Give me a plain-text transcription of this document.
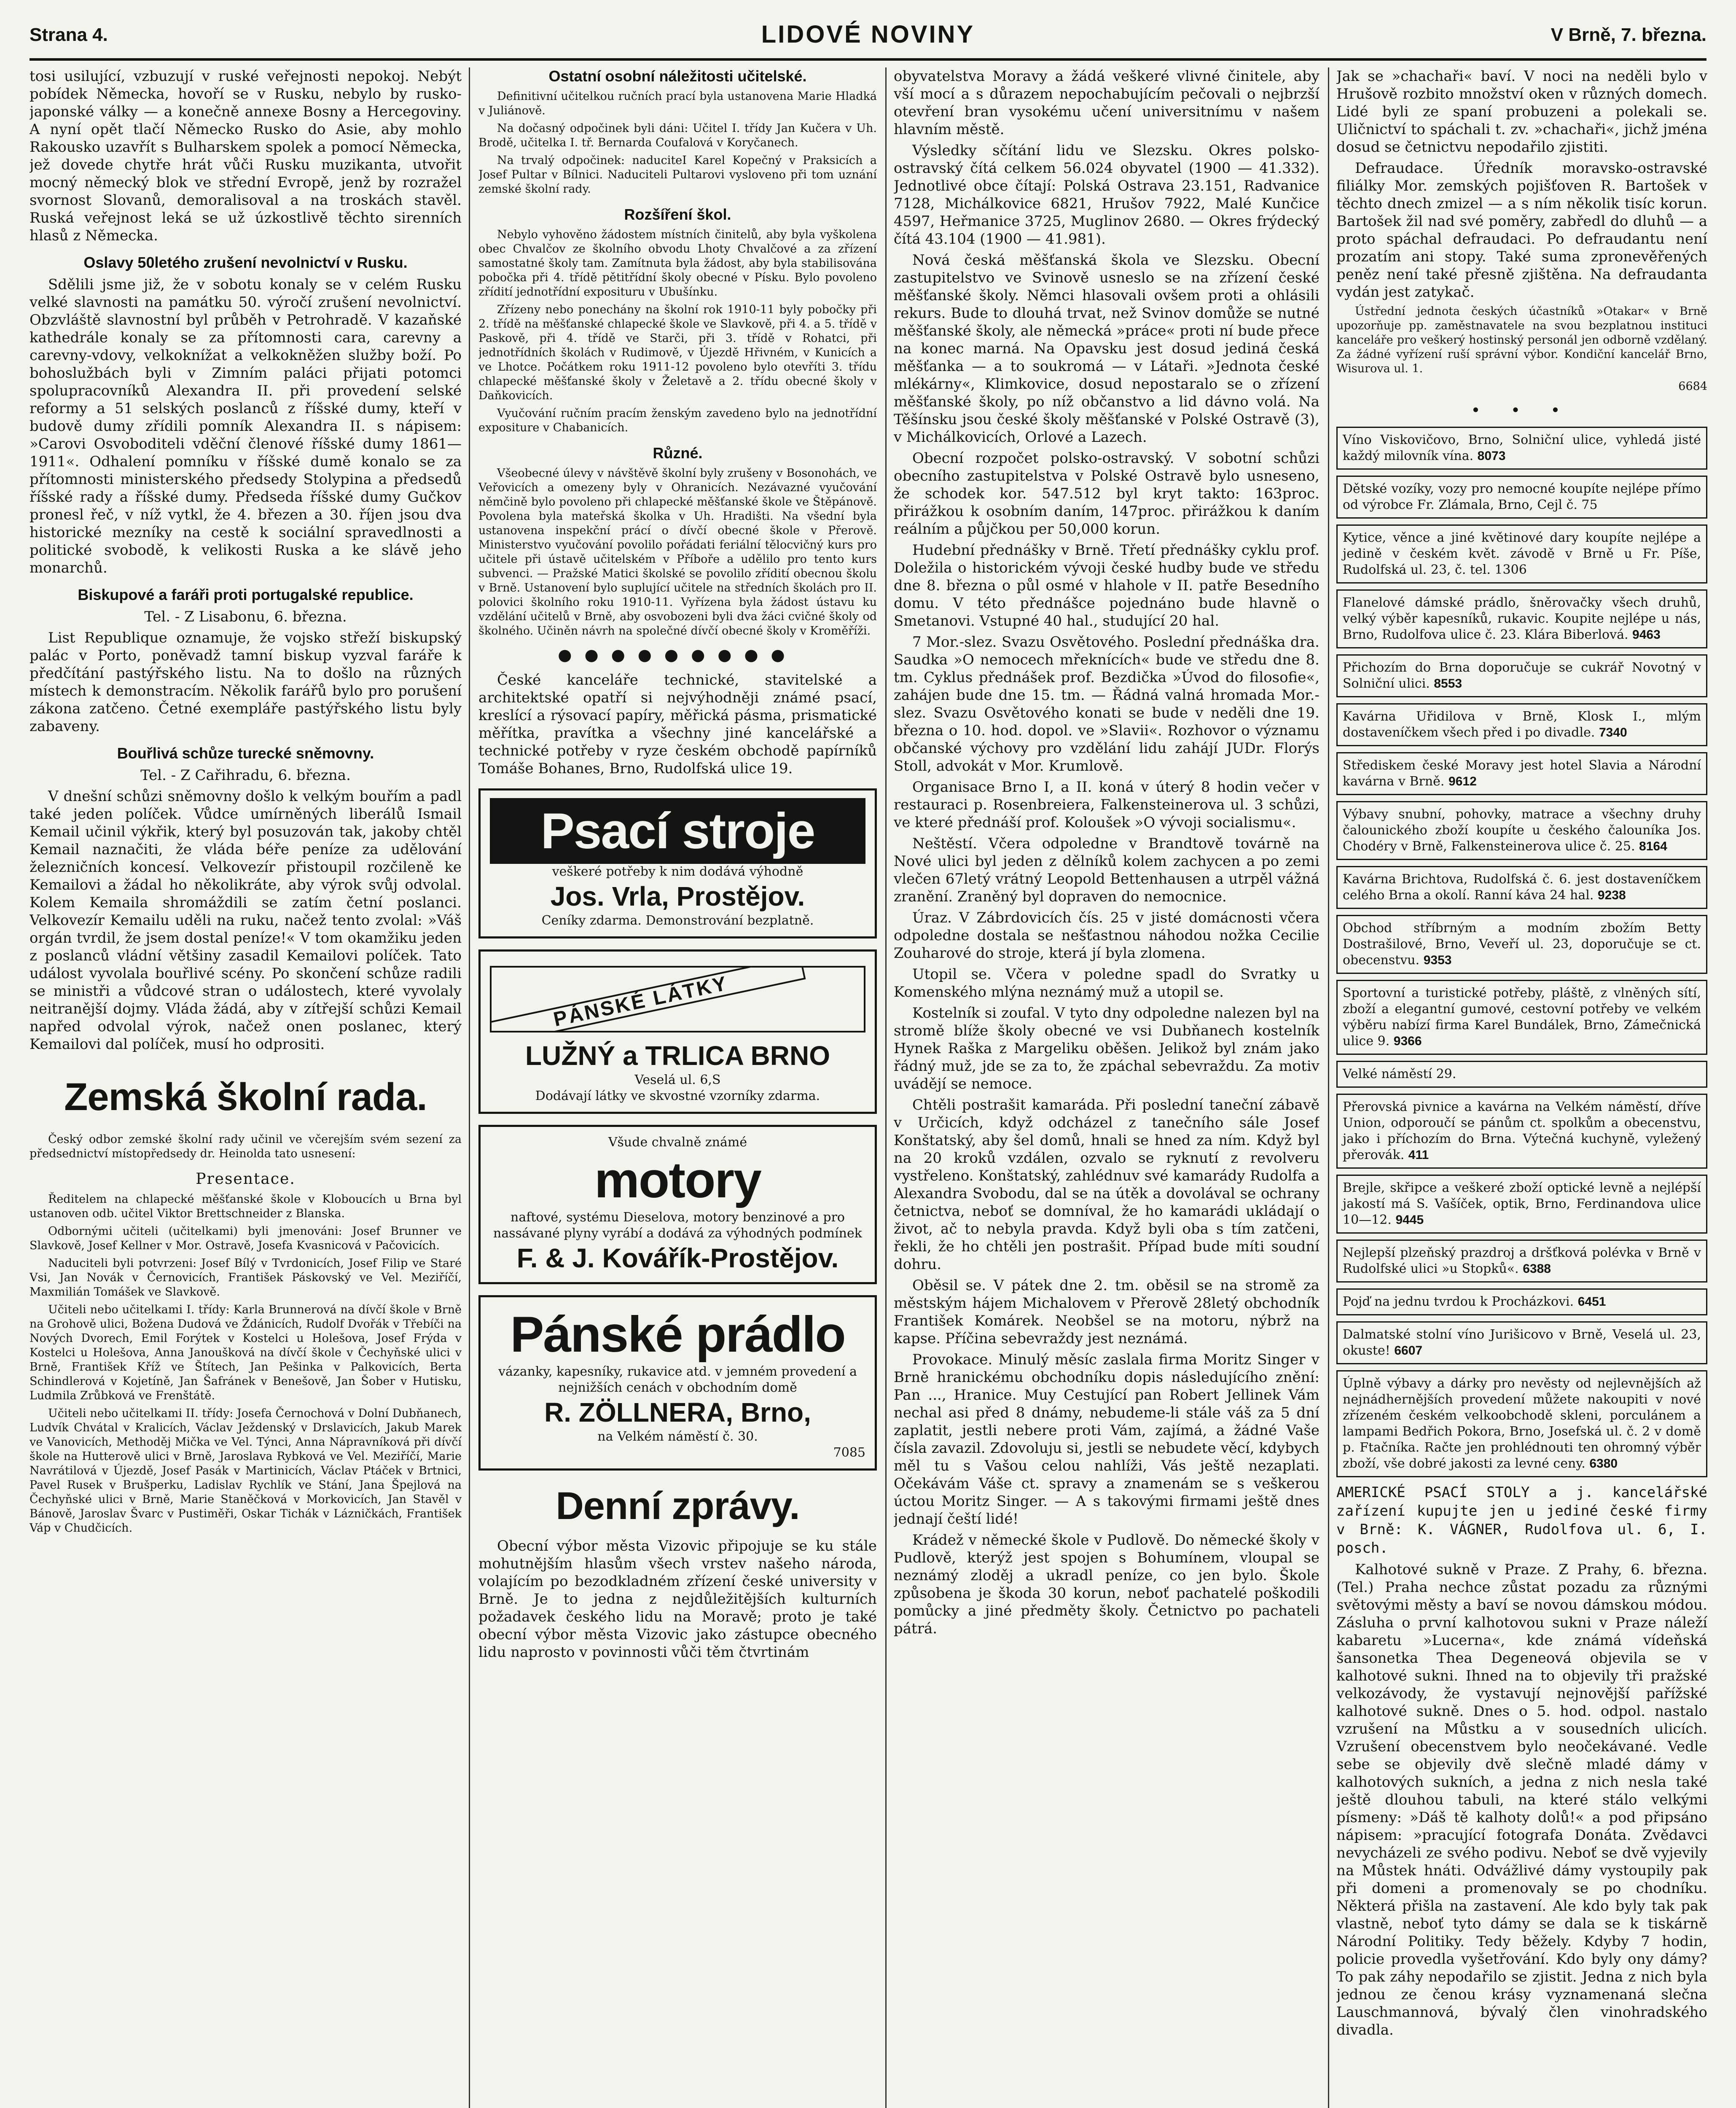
Strana 4.	LIDOVÉ NOVINY	V Brně, 7. března.

tosi usilující, vzbuzují v ruské veřejnosti nepokoj. Nebýt pobídek Německa, hovoří se v Rusku, nebylo by rusko-japonské války — a konečně annexe Bosny a Hercegoviny. A nyní opět tlačí Německo Rusko do Asie, aby mohlo Rakousko uzavřít s Bulharskem spolek a pomocí Německa, jež dovede chytře hrát vůči Rusku muzikanta, utvořit mocný německý blok ve střední Evropě, jenž by rozražel svornost Slovanů, demoralisoval a na troskách stavěl. Ruská veřejnost leká se už úzkostlivě těchto sirenních hlasů z Německa.

Oslavy 50letého zrušení nevolnictví v Rusku.

Sdělili jsme již, že v sobotu konaly se v celém Rusku velké slavnosti na památku 50. výročí zrušení nevolnictví. Obzvláště slavnostní byl průběh v Petrohradě. V kazaňské kathedrále konaly se za přítomnosti cara, carevny a carevny-vdovy, velkoknížat a velkokněžen služby boží. Po bohoslužbách byli v Zimním paláci přijati potomci spolupracovníků Alexandra II. při provedení selské reformy a 51 selských poslanců z říšské dumy, kteří v budově dumy zřídili pomník Alexandra II. s nápisem: »Carovi Osvoboditeli vděční členové říšské dumy 1861—1911«. Odhalení pomníku v říšské dumě konalo se za přítomnosti ministerského předsedy Stolypina a předsedů říšské rady a říšské dumy. Předseda říšské dumy Gučkov pronesl řeč, v níž vytkl, že 4. březen a 30. říjen jsou dva historické mezníky na cestě k sociální spravedlnosti a politické svobodě, k velikosti Ruska a ke slávě jeho monarchů.

Biskupové a faráři proti portugalské republice.

Tel. - Z Lisabonu, 6. března.

List Republique oznamuje, že vojsko střeží biskupský palác v Porto, poněvadž tamní biskup vyzval faráře k předčítání pastýřského listu. Na to došlo na různých místech k demonstracím. Několik farářů bylo pro porušení zákona zatčeno. Četné exempláře pastýřského listu byly zabaveny.

Bouřlivá schůze turecké sněmovny.

Tel. - Z Cařihradu, 6. března.

V dnešní schůzi sněmovny došlo k velkým bouřím a padl také jeden políček. Vůdce umírněných liberálů Ismail Kemail učinil výkřik, který byl posuzován tak, jakoby chtěl Kemail naznačiti, že vláda béře peníze za udělování železničních koncesí. Velkovezír přistoupil rozčileně ke Kemailovi a žádal ho několikráte, aby výrok svůj odvolal. Kolem Kemaila shromáždili se zatím četní poslanci. Velkovezír Kemailu uděli na ruku, načež tento zvolal: »Váš orgán tvrdil, že jsem dostal peníze!« V tom okamžiku jeden z poslanců vládní většiny zasadil Kemailovi políček. Tato událost vyvolala bouřlivé scény. Po skončení schůze radili se ministři a vůdcové stran o událostech, které vyvolaly neitranější dojmy. Vláda žádá, aby v zítřejší schůzi Kemail napřed odvolal výrok, načež onen poslanec, který Kemailovi dal políček, musí ho odprositi.

Zemská školní rada.

Český odbor zemské školní rady učinil ve včerejším svém sezení za předsednictví místopředsedy dr. Heinolda tato usnesení:

Presentace.

Ředitelem na chlapecké měšťanské škole v Kloboucích u Brna byl ustanoven odb. učitel Viktor Brettschneider z Blanska.

Odbornými učiteli (učitelkami) byli jmenováni: Josef Brunner ve Slavkově, Josef Kellner v Mor. Ostravě, Josefa Kvasnicová v Pačovicích.

Naduciteli byli potvrzeni: Josef Bílý v Tvrdonicích, Josef Filip ve Staré Vsi, Jan Novák v Černovicích, František Páskovský ve Vel. Meziříčí, Maxmilián Tomášek ve Slavkově.

Učiteli nebo učitelkami I. třídy: Karla Brunnerová na dívčí škole v Brně na Grohově ulici, Božena Dudová ve Ždánicích, Rudolf Dvořák v Třebíči na Nových Dvorech, Emil Forýtek v Kostelci u Holešova, Josef Frýda v Kostelci u Holešova, Anna Janoušková na dívčí škole v Čechyňské ulici v Brně, František Kříž ve Štítech, Jan Pešinka v Palkovicích, Berta Schindlerová v Kojetíně, Jan Šafránek v Benešově, Jan Šober v Hutisku, Ludmila Zrůbková ve Frenštátě.

Učiteli nebo učitelkami II. třídy: Josefa Černochová v Dolní Dubňanech, Ludvík Chvátal v Kralicích, Václav Ježdenský v Drslavicích, Jakub Marek ve Vanovicích, Methoděj Mička ve Vel. Týnci, Anna Nápravníková při dívčí škole na Hutterově ulici v Brně, Jaroslava Rybková ve Vel. Meziříčí, Marie Navrátilová v Újezdě, Josef Pasák v Martinicích, Václav Ptáček v Brtnici, Pavel Rusek v Brušperku, Ladislav Rychlík ve Stání, Jana Špejlová na Čechyňské ulici v Brně, Marie Staněčková v Morkovicích, Jan Stavěl v Bánově, Jaroslav Švarc v Pustiměři, Oskar Tichák v Lázničkách, František Váp v Chudčicích.

Ostatní osobní náležitosti učitelské.

Definitivní učitelkou ručních prací byla ustanovena Marie Hladká v Juliánově.

Na dočasný odpočinek byli dáni: Učitel I. třídy Jan Kučera v Uh. Brodě, učitelka I. tř. Bernarda Coufalová v Koryčanech.

Na trvalý odpočinek: naduciteI Karel Kopečný v Praksicích a Josef Pultar v Bílnici. Naduciteli Pultarovi vysloveno při tom uznání zemské školní rady.

Rozšíření škol.

Nebylo vyhověno žádostem místních činitelů, aby byla vyškolena obec Chvalčov ze školního obvodu Lhoty Chvalčové a za zřízení samostatné školy tam. Zamítnuta byla žádost, aby byla stabilisována pobočka při 4. třídě pětitřídní školy obecné v Písku. Bylo povoleno zřídití jednotřídní exposituru v Ubušínku.

Zřízeny nebo ponechány na školní rok 1910-11 byly pobočky při 2. třídě na měšťanské chlapecké škole ve Slavkově, při 4. a 5. třídě v Paskově, při 4. třídě ve Starči, při 3. třídě v Rohatci, při jednotřídních školách v Rudimově, v Újezdě Hřivném, v Kunicích a ve Lhotce. Počátkem roku 1911-12 povoleno bylo otevříti 3. třídu chlapecké měšťanské školy v Želetavě a 2. třídu obecné školy v Daňkovicích.

Vyučování ručním pracím ženským zavedeno bylo na jednotřídní expositure v Chabanicích.

Různé.

Všeobecné úlevy v návštěvě školní byly zrušeny v Bosonohách, ve Veřovicích a omezeny byly v Ohranicích. Nezávazné vyučování němčině bylo povoleno při chlapecké měšťanské škole ve Štěpánově. Povolena byla mateřská školka v Uh. Hradišti. Na všední byla ustanovena inspekční prácí o dívčí obecné škole v Přerově. Ministerstvo vyučování povolilo pořádati feriální tělocvičný kurs pro učitele při ústavě učitelském v Příboře a udělilo pro tento kurs subvenci. — Pražské Matici školské se povolilo zřídití obecnou školu v Brně. Ustanovení bylo suplující učitele na středních školách pro II. polovici školního roku 1910-11. Vyřízena byla žádost ústavu ku vzdělání učitelů v Brně, aby osvobozeni byli dva žáci cvičné školy od školného. Učiněn návrh na společné dívčí obecné školy v Kroměříži.

●●●●●●●●●

České kanceláře technické, stavitelské a architektské opatří si nejvýhodněji známé psací, kreslící a rýsovací papíry, měřická pásma, prismatické měřítka, pravítka a všechny jiné kancelářské a technické potřeby v ryze českém obchodě papírníků Tomáše Bohanes, Brno, Rudolfská ulice 19.

Psací stroje
veškeré potřeby k nim dodává výhodně
Jos. Vrla, Prostějov.
Ceníky zdarma. Demonstrování bezplatně.
PÁNSKÉ LÁTKY
LUŽNÝ a TRLICA BRNO
Veselá ul. 6,S
Dodávají látky ve skvostné vzorníky zdarma.
Všude chvalně známé
motory
naftové, systému Dieselova, motory benzinové a pro nassávané plyny vyrábí a dodává za výhodných podmínek
F. & J. Kovářík-Prostějov.
Pánské prádlo
vázanky, kapesníky, rukavice atd. v jemném provedení a nejnižších cenách v obchodním domě
R. ZÖLLNERA, Brno,
na Velkém náměstí č. 30.
7085
Denní zprávy.

Obecní výbor města Vizovic připojuje se ku stále mohutnějším hlasům všech vrstev našeho národa, volajícím po bezodkladném zřízení české university v Brně. Je to jedna z nejdůležitějších kulturních požadavek českého lidu na Moravě; proto je také obecní výbor města Vizovic jako zástupce obecného lidu naprosto v povinnosti vůči těm čtvrtinám

obyvatelstva Moravy a žádá veškeré vlivné činitele, aby vší mocí a s důrazem nepochabujícím pečovali o nejbrzší otevření bran vysokému učení universitnímu v našem hlavním městě.

Výsledky sčítání lidu ve Slezsku. Okres polsko-ostravský čítá celkem 56.024 obyvatel (1900 — 41.332). Jednotlivé obce čítají: Polská Ostrava 23.151, Radvanice 7128, Michálkovice 6821, Hrušov 7922, Malé Kunčice 4597, Heřmanice 3725, Muglinov 2680. — Okres frýdecký čítá 43.104 (1900 — 41.981).

Nová česká měšťanská škola ve Slezsku. Obecní zastupitelstvo ve Svinově usneslo se na zřízení české měšťanské školy. Němci hlasovali ovšem proti a ohlásili rekurs. Bude to dlouhá trvat, než Svinov domůže se nutné měšťanské školy, ale německá »práce« proti ní bude přece na konec marná. Na Opavsku jest dosud jediná česká měšťanka — a to soukromá — v Látaři. »Jednota české mlékárny«, Klimkovice, dosud nepostaralo se o zřízení měšťanské školy, po níž občanstvo a lid dávno volá. Na Těšínsku jsou české školy měšťanské v Polské Ostravě (3), v Michálkovicích, Orlové a Lazech.

Obecní rozpočet polsko-ostravský. V sobotní schůzi obecního zastupitelstva v Polské Ostravě bylo usneseno, že schodek kor. 547.512 byl kryt takto: 163proc. přirážkou k osobním daním, 147proc. přirážkou k daním reálním a půjčkou per 50,000 korun.

Hudební přednášky v Brně. Třetí přednášky cyklu prof. Doležila o historickém vývoji české hudby bude ve středu dne 8. března o půl osmé v hlahole v II. patře Besedního domu. V této přednášce pojednáno bude hlavně o Smetanovi. Vstupné 40 hal., studující 20 hal.

7 Mor.-slez. Svazu Osvětového. Poslední přednáška dra. Saudka »O nemocech mřeknících« bude ve středu dne 8. tm. Cyklus přednášek prof. Bezdička »Úvod do filosofie«, zahájen bude dne 15. tm. — Řádná valná hromada Mor.-slez. Svazu Osvětového konati se bude v neděli dne 19. března o 10. hod. dopol. ve »Slavii«. Rozhovor o významu občanské výchovy pro vzdělání lidu zahájí JUDr. Florýs Stoll, advokát v Mor. Krumlově.

Organisace Brno I, a II. koná v úterý 8 hodin večer v restauraci p. Rosenbreiera, Falkensteinerova ul. 3 schůzi, ve které přednáší prof. Koloušek »O vývoji socialismu«.

Neštěstí. Včera odpoledne v Brandtově továrně na Nové ulici byl jeden z dělníků kolem zachycen a po zemi vlečen 67letý vrátný Leopold Bettenhausen a utrpěl vážná zranění. Zraněný byl dopraven do nemocnice.

Úraz. V Zábrdovicích čís. 25 v jisté domácnosti včera odpoledne dostala se nešťastnou náhodou nožka Cecilie Zouharové do stroje, která jí byla zlomena.

Utopil se. Včera v poledne spadl do Svratky u Komenského mlýna neznámý muž a utopil se.

Kostelník si zoufal. V tyto dny odpoledne nalezen byl na stromě blíže školy obecné ve vsi Dubňanech kostelník Hynek Raška z Margeliku oběšen. Jelikož byl znám jako řádný muž, jde se za to, že zpáchal sebevraždu. Za motiv uvádějí se nemoce.

Chtěli postrašit kamaráda. Při poslední taneční zábavě v Určicích, když odcházel z tanečního sále Josef Konštatský, aby šel domů, hnali se hned za ním. Když byl na 20 kroků vzdálen, ozvalo se ryknutí z revolveru vystřeleno. Konštatský, zahlédnuv své kamarády Rudolfa a Alexandra Svobodu, dal se na útěk a dovolával se ochrany četnictva, neboť se domníval, že ho kamarádi ukládají o život, ač to nebyla pravda. Když byli oba s tím zatčeni, řekli, že ho chtěli jen postrašit. Případ bude míti soudní dohru.

Oběsil se. V pátek dne 2. tm. oběsil se na stromě za městským hájem Michalovem v Přerově 28letý obchodník František Komárek. Neobšel se na motoru, nýbrž na kapse. Příčina sebevraždy jest neznámá.

Provokace. Minulý měsíc zaslala firma Moritz Singer v Brně hranickému obchodníku dopis následujícího znění: Pan ..., Hranice. Muy Cestující pan Robert Jellinek Vám nechal asi před 8 dnámy, nebudeme-li stále váš za 5 dní zaplatit, jestli nebere proti Vám, zajímá, a žádné Vaše čísla zavazil. Zdovoluju si, jestli se nebudete věcí, kdybych měl tu s Vašou celou nahlíži, Vás ještě nezaplati. Očekávám Váše ct. spravy a znamenám se s veškerou úctou Moritz Singer. — A s takovými firmami ještě dnes jednají čeští lidé!

Krádež v německé škole v Pudlově. Do německé školy v Pudlově, kterýž jest spojen s Bohumínem, vloupal se neznámý zloděj a ukradl peníze, co jen bylo. Škole způsobena je škoda 30 korun, neboť pachatelé poškodili pomůcky a jiné předměty školy. Četnictvo po pachateli pátrá.

Jak se »chachaři« baví. V noci na neděli bylo v Hrušově rozbito množství oken v různých domech. Lidé byli ze spaní probuzeni a polekali se. Uličnictví to spáchali t. zv. »chachaři«, jichž jména dosud se četnictvu nepodařilo zjistiti.

Defraudace. Úředník moravsko-ostravské filiálky Mor. zemských pojišťoven R. Bartošek v těchto dnech zmizel — a s ním několik tisíc korun. Bartošek žil nad své poměry, zabředl do dluhů — a proto spáchal defraudaci. Po defraudantu není prozatím ani stopy. Také suma zpronevěřených peněz není také přesně zjištěna. Na defraudanta vydán jest zatykač.

Ústřední jednota českých účastníků »Otakar« v Brně upozorňuje pp. zaměstnavatele na svou bezplatnou instituci kanceláře pro veškerý hostinský personál jen odborně vzdělaný. Za žádné vyřízení ruší správní výbor. Kondiční kancelář Brno, Wisurova ul. 1.

6684

• • •
Víno Viskovičovo, Brno, Solniční ulice, vyhledá jisté každý milovník vína. 8073
Dětské vozíky, vozy pro nemocné koupíte nejlépe přímo od výrobce Fr. Zlámala, Brno, Cejl č. 75
Kytice, věnce a jiné květinové dary koupíte nejlépe a jedině v českém květ. závodě v Brně u Fr. Píše, Rudolfská ul. 23, č. tel. 1306
Flanelové dámské prádlo, šněrovačky všech druhů, velký výběr kapesníků, rukavic. Koupite nejlépe u nás, Brno, Rudolfova ulice č. 23. Klára Biberlová. 9463
Přichozím do Brna doporučuje se cukrář Novotný v Solniční ulici. 8553
Kavárna Uřidilova v Brně, Klosk I., mlým dostaveníčkem všech před i po divadle. 7340
Střediskem české Moravy jest hotel Slavia a Národní kavárna v Brně. 9612
Výbavy snubní, pohovky, matrace a všechny druhy čalounického zboží koupíte u českého čalouníka Jos. Chodéry v Brně, Falkensteinerova ulice č. 25. 8164
Kavárna Brichtova, Rudolfská č. 6. jest dostaveníčkem celého Brna a okolí. Ranní káva 24 hal. 9238
Obchod stříbrným a modním zbožím Betty Dostrašilové, Brno, Veveří ul. 23, doporučuje se ct. obecenstvu. 9353
Sportovní a turistické potřeby, pláště, z vlněných sítí, zboží a elegantní gumové, cestovní potřeby ve velkém výběru nabízí firma Karel Bundálek, Brno, Zámečnická ulice 9. 9366
Velké náměstí 29.
Přerovská pivnice a kavárna na Velkém náměstí, dříve Union, odporoučí se pánům ct. spolkům a obecenstvu, jako i příchozím do Brna. Výtečná kuchyně, vyležený přerovák. 411
Brejle, skřipce a veškeré zboží optické levně a nejlépší jakostí má S. Vašíček, optik, Brno, Ferdinandova ulice 10—12. 9445
Nejlepší plzeňský prazdroj a dršťková polévka v Brně v Rudolfské ulici »u Stopků«. 6388
Pojď na jednu tvrdou k Procházkovi. 6451
Dalmatské stolní víno Jurišicovo v Brně, Veselá ul. 23, okuste! 6607
Úplně výbavy a dárky pro nevěsty od nejlevnějších až nejnádhernějších provedení můžete nakoupiti v nové zřízeném českém velkoobchodě skleni, porculánem a lampami Bedřich Pokora, Brno, Josefská ul. č. 2 v domě p. Ftačníka. Račte jen prohlédnouti ten ohromný výběr zboží, vše dobré jakosti za levné ceny. 6380

AMERICKÉ PSACÍ STOLY a j. kancelářské zařízení kupujte jen u jediné české firmy v Brně: K. VÁGNER, Rudolfova ul. 6, I. posch.

Kalhotové sukně v Praze. Z Prahy, 6. března. (Tel.) Praha nechce zůstat pozadu za různými světovými městy a baví se novou dámskou módou. Zásluha o první kalhotovou sukni v Praze náleží kabaretu »Lucerna«, kde známá vídeňská šansonetka Thea Degeneová objevila se v kalhotové sukni. Ihned na to objevily tři pražské velkozávody, že vystavují nejnovější pařížské kalhotové sukně. Dnes o 5. hod. odpol. nastalo vzrušení na Můstku a v sousedních ulicích. Vzrušení obecenstvem bylo neočekávané. Vedle sebe se objevily dvě slečně mladé dámy v kalhotových sukních, a jedna z nich nesla také ještě dlouhou tabuli, na které stálo velkými písmeny: »Dáš tě kalhoty dolů!« a pod připsáno nápisem: »pracující fotografa Donáta. Zvědavci nevycházeli ze svého podivu. Neboť se dvě vyjevily na Můstek hnáti. Odvážlivé dámy vystoupily pak při domeni a promenovaly se po chodníku. Některá přišla na zastavení. Ale kdo byly tak pak vlastně, neboť tyto dámy se dala se k tiskárně Národní Politiky. Tedy běžely. Kdyby 7 hodin, policie provedla vyšetřování. Kdo byly ony dámy? To pak záhy nepodařilo se zjistit. Jedna z nich byla jednou ze čenou krásy vyznamenaná slečna Lauschmannová, bývalý člen vinohradského divadla.
